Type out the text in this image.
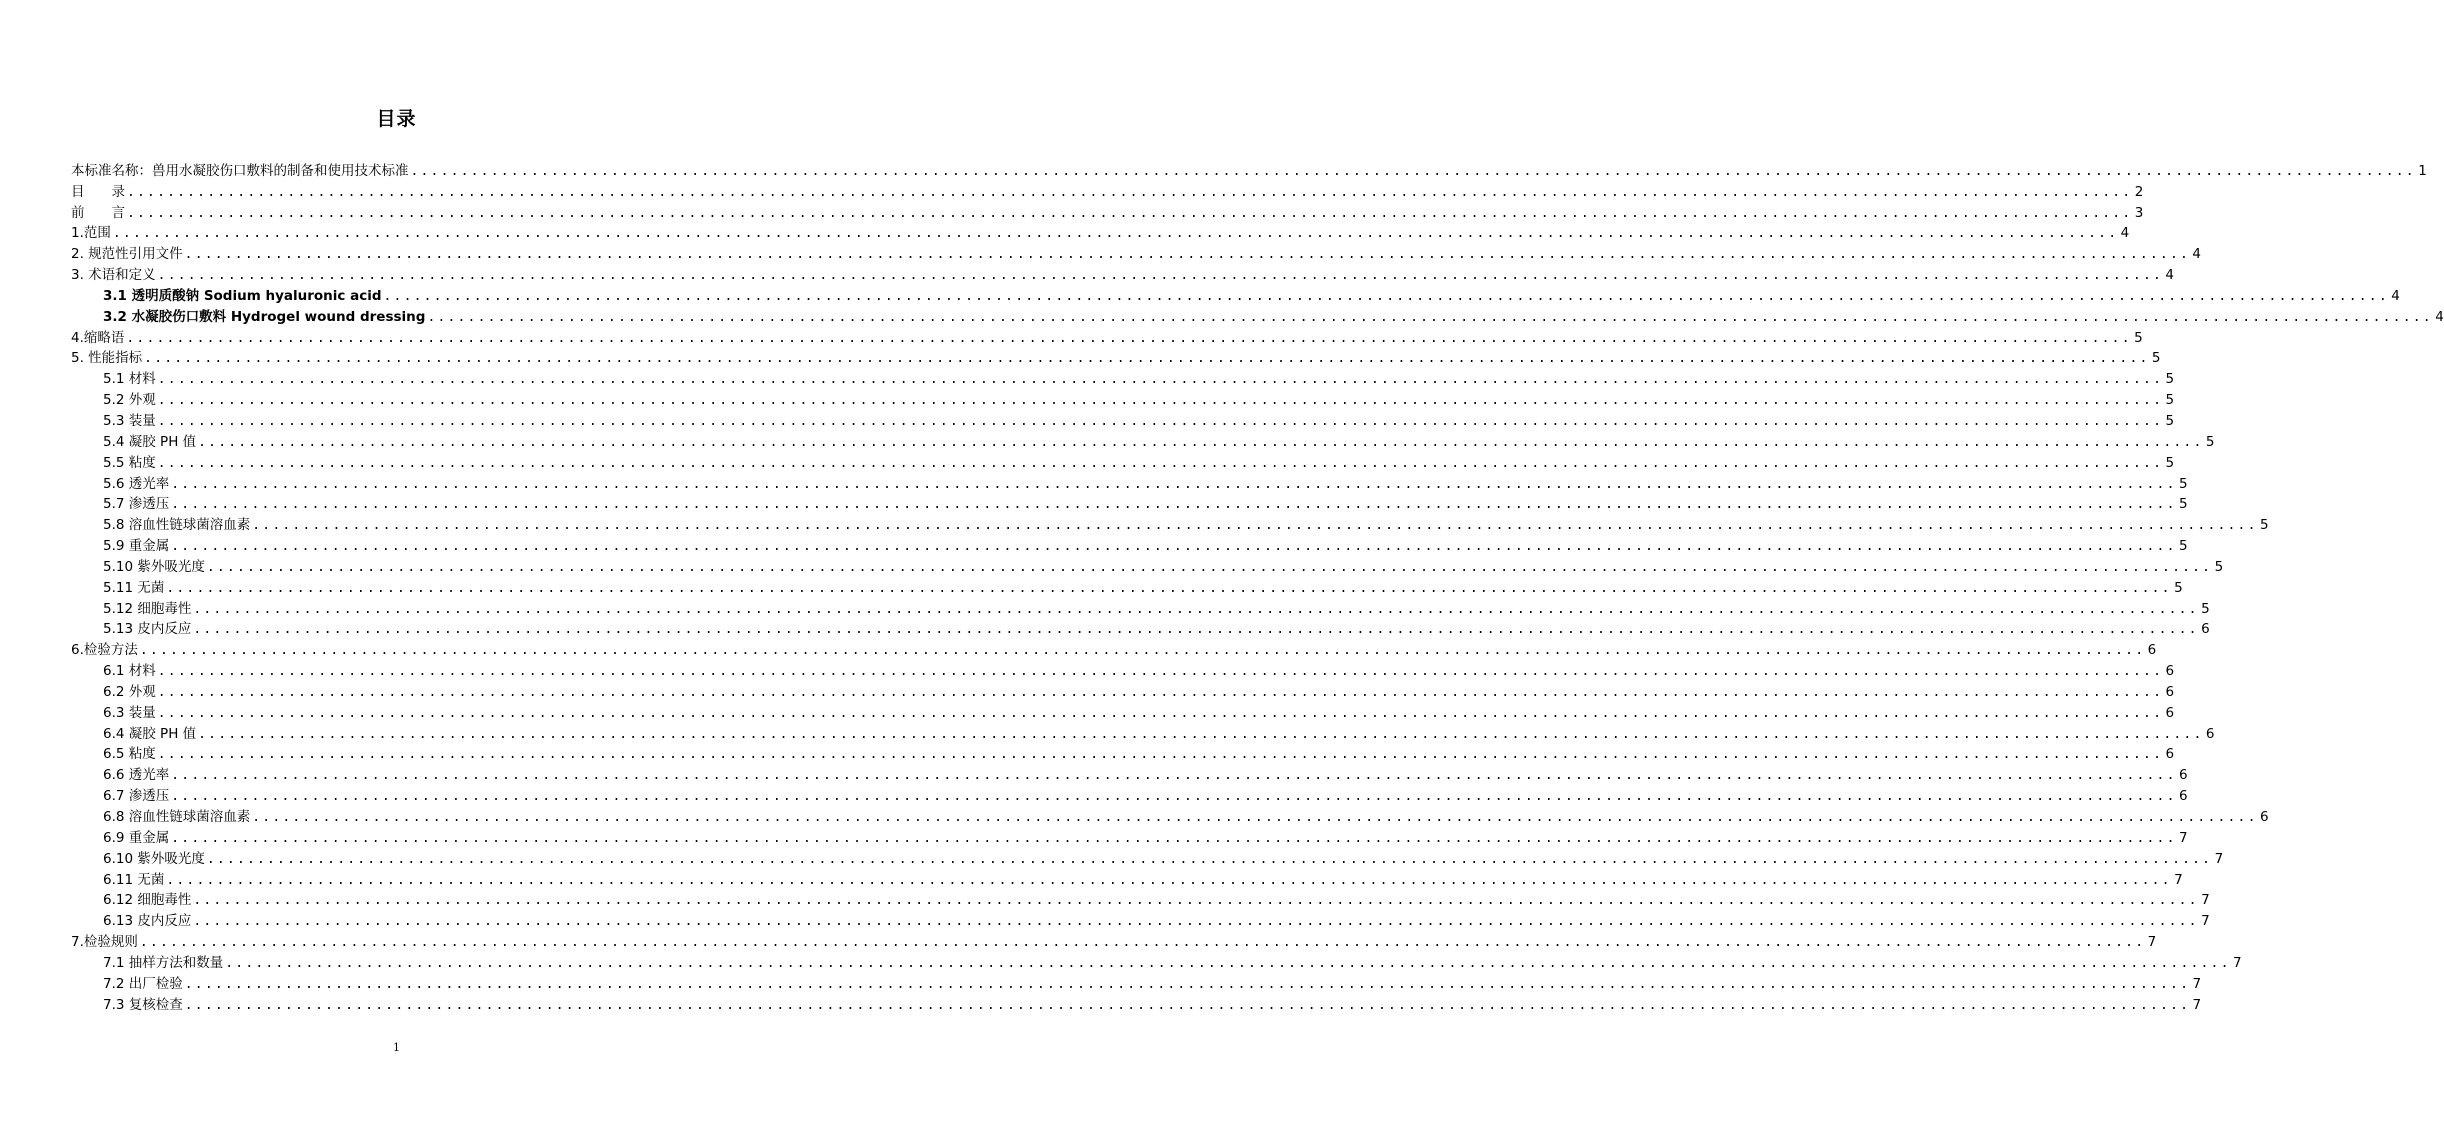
目录
本标准名称：兽用水凝胶伤口敷料的制备和使用技术标准 ........................................................................................................................................................................................................ 1
目　　录 ........................................................................................................................................................................................................ 2
前　　言 ........................................................................................................................................................................................................ 3
1.范围 ........................................................................................................................................................................................................ 4
2. 规范性引用文件 ........................................................................................................................................................................................................ 4
3. 术语和定义 ........................................................................................................................................................................................................ 4
3.1 透明质酸钠 Sodium hyaluronic acid ........................................................................................................................................................................................................ 4
3.2 水凝胶伤口敷料 Hydrogel wound dressing ........................................................................................................................................................................................................ 4
4.缩略语 ........................................................................................................................................................................................................ 5
5. 性能指标 ........................................................................................................................................................................................................ 5
5.1 材料 ........................................................................................................................................................................................................ 5
5.2 外观 ........................................................................................................................................................................................................ 5
5.3 装量 ........................................................................................................................................................................................................ 5
5.4 凝胶 PH 值 ........................................................................................................................................................................................................ 5
5.5 粘度 ........................................................................................................................................................................................................ 5
5.6 透光率 ........................................................................................................................................................................................................ 5
5.7 渗透压 ........................................................................................................................................................................................................ 5
5.8 溶血性链球菌溶血素 ........................................................................................................................................................................................................ 5
5.9 重金属 ........................................................................................................................................................................................................ 5
5.10 紫外吸光度 ........................................................................................................................................................................................................ 5
5.11 无菌 ........................................................................................................................................................................................................ 5
5.12 细胞毒性 ........................................................................................................................................................................................................ 5
5.13 皮内反应 ........................................................................................................................................................................................................ 6
6.检验方法 ........................................................................................................................................................................................................ 6
6.1 材料 ........................................................................................................................................................................................................ 6
6.2 外观 ........................................................................................................................................................................................................ 6
6.3 装量 ........................................................................................................................................................................................................ 6
6.4 凝胶 PH 值 ........................................................................................................................................................................................................ 6
6.5 粘度 ........................................................................................................................................................................................................ 6
6.6 透光率 ........................................................................................................................................................................................................ 6
6.7 渗透压 ........................................................................................................................................................................................................ 6
6.8 溶血性链球菌溶血素 ........................................................................................................................................................................................................ 6
6.9 重金属 ........................................................................................................................................................................................................ 7
6.10 紫外吸光度 ........................................................................................................................................................................................................ 7
6.11 无菌 ........................................................................................................................................................................................................ 7
6.12 细胞毒性 ........................................................................................................................................................................................................ 7
6.13 皮内反应 ........................................................................................................................................................................................................ 7
7.检验规则 ........................................................................................................................................................................................................ 7
7.1 抽样方法和数量 ........................................................................................................................................................................................................ 7
7.2 出厂检验 ........................................................................................................................................................................................................ 7
7.3 复核检查 ........................................................................................................................................................................................................ 7
1
